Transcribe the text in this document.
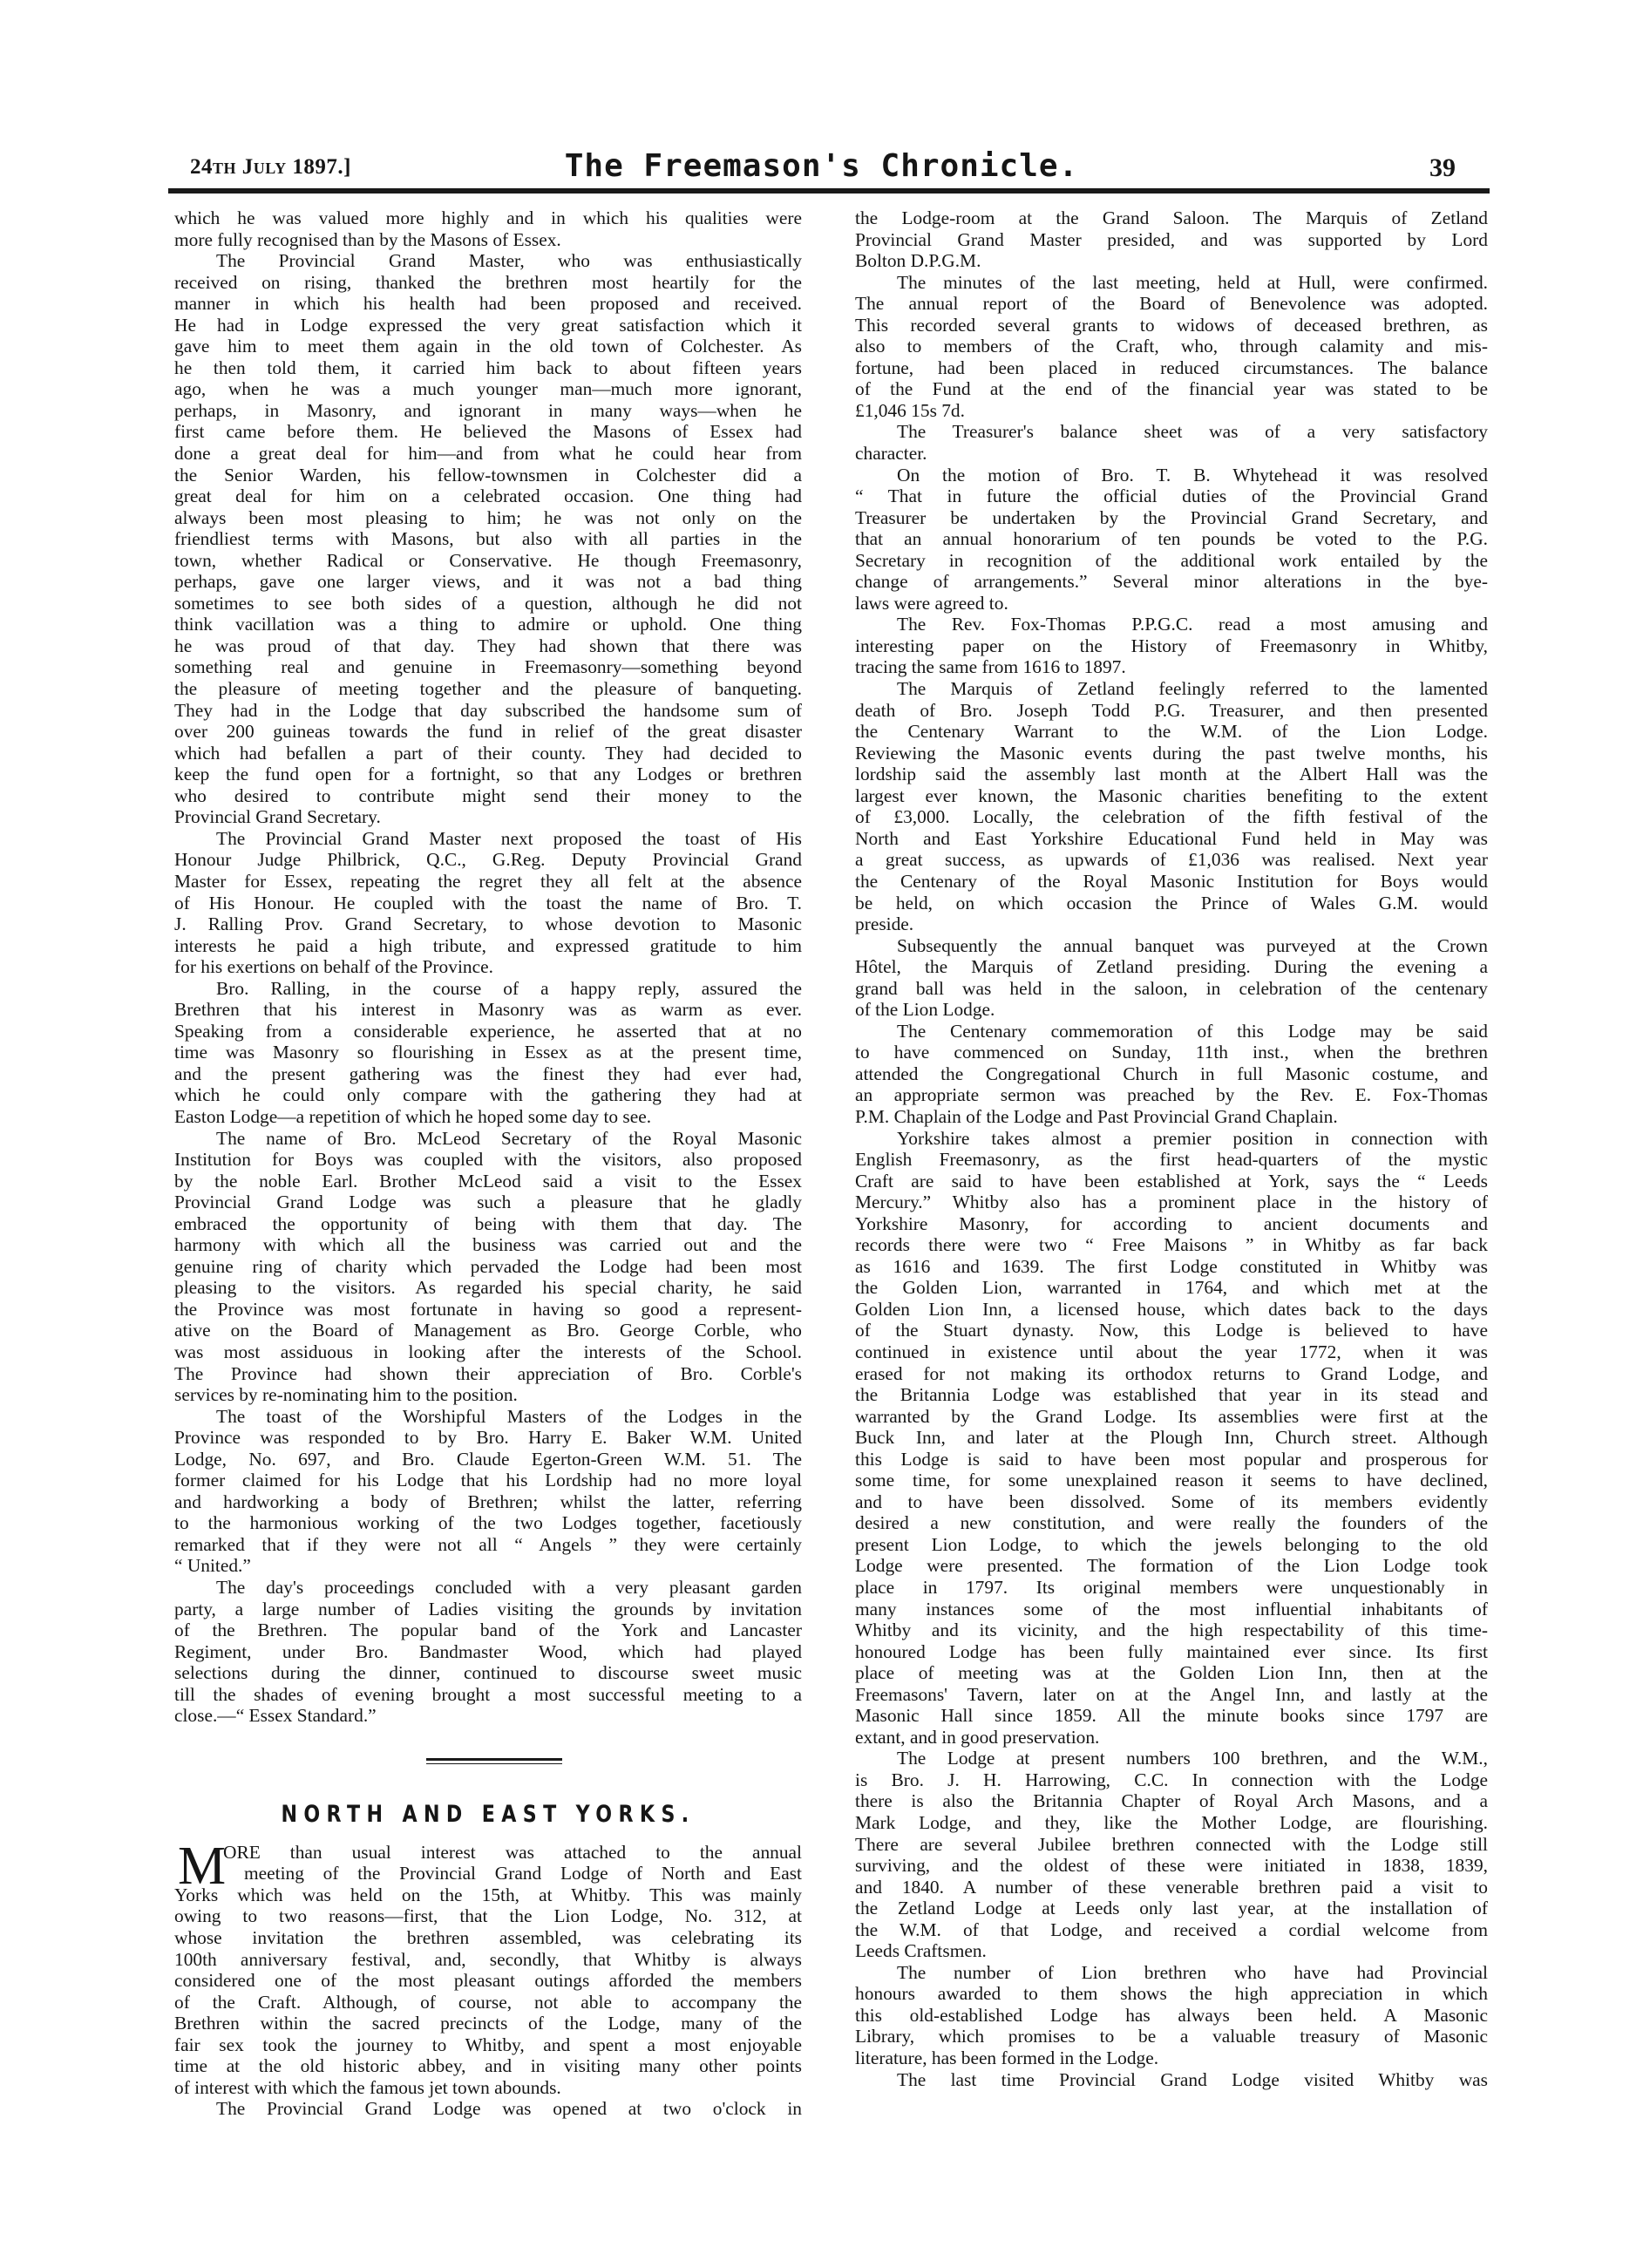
24TH JULY 1897.]	The Freemason's Chronicle.	39
which he was valued more highly and in which his qualities were
more fully recognised than by the Masons of Essex.
The Provincial Grand Master, who was enthusiastically
received on rising, thanked the brethren most heartily for the
manner in which his health had been proposed and received.
He had in Lodge expressed the very great satisfaction which it
gave him to meet them again in the old town of Colchester. As
he then told them, it carried him back to about fifteen years
ago, when he was a much younger man—much more ignorant,
perhaps, in Masonry, and ignorant in many ways—when he
first came before them. He believed the Masons of Essex had
done a great deal for him—and from what he could hear from
the Senior Warden, his fellow-townsmen in Colchester did a
great deal for him on a celebrated occasion. One thing had
always been most pleasing to him; he was not only on the
friendliest terms with Masons, but also with all parties in the
town, whether Radical or Conservative. He though Freemasonry,
perhaps, gave one larger views, and it was not a bad thing
sometimes to see both sides of a question, although he did not
think vacillation was a thing to admire or uphold. One thing
he was proud of that day. They had shown that there was
something real and genuine in Freemasonry—something beyond
the pleasure of meeting together and the pleasure of banqueting.
They had in the Lodge that day subscribed the handsome sum of
over 200 guineas towards the fund in relief of the great disaster
which had befallen a part of their county. They had decided to
keep the fund open for a fortnight, so that any Lodges or brethren
who desired to contribute might send their money to the
Provincial Grand Secretary.
The Provincial Grand Master next proposed the toast of His
Honour Judge Philbrick, Q.C., G.Reg. Deputy Provincial Grand
Master for Essex, repeating the regret they all felt at the absence
of His Honour. He coupled with the toast the name of Bro. T.
J. Ralling Prov. Grand Secretary, to whose devotion to Masonic
interests he paid a high tribute, and expressed gratitude to him
for his exertions on behalf of the Province.
Bro. Ralling, in the course of a happy reply, assured the
Brethren that his interest in Masonry was as warm as ever.
Speaking from a considerable experience, he asserted that at no
time was Masonry so flourishing in Essex as at the present time,
and the present gathering was the finest they had ever had,
which he could only compare with the gathering they had at
Easton Lodge—a repetition of which he hoped some day to see.
The name of Bro. McLeod Secretary of the Royal Masonic
Institution for Boys was coupled with the visitors, also proposed
by the noble Earl. Brother McLeod said a visit to the Essex
Provincial Grand Lodge was such a pleasure that he gladly
embraced the opportunity of being with them that day. The
harmony with which all the business was carried out and the
genuine ring of charity which pervaded the Lodge had been most
pleasing to the visitors. As regarded his special charity, he said
the Province was most fortunate in having so good a represent-
ative on the Board of Management as Bro. George Corble, who
was most assiduous in looking after the interests of the School.
The Province had shown their appreciation of Bro. Corble's
services by re-nominating him to the position.
The toast of the Worshipful Masters of the Lodges in the
Province was responded to by Bro. Harry E. Baker W.M. United
Lodge, No. 697, and Bro. Claude Egerton-Green W.M. 51. The
former claimed for his Lodge that his Lordship had no more loyal
and hardworking a body of Brethren; whilst the latter, referring
to the harmonious working of the two Lodges together, facetiously
remarked that if they were not all “ Angels ” they were certainly
“ United.”
The day's proceedings concluded with a very pleasant garden
party, a large number of Ladies visiting the grounds by invitation
of the Brethren. The popular band of the York and Lancaster
Regiment, under Bro. Bandmaster Wood, which had played
selections during the dinner, continued to discourse sweet music
till the shades of evening brought a most successful meeting to a
close.—“ Essex Standard.”
NORTH AND EAST YORKS.
M
ORE than usual interest was attached to the annual
meeting of the Provincial Grand Lodge of North and East
Yorks which was held on the 15th, at Whitby. This was mainly
owing to two reasons—first, that the Lion Lodge, No. 312, at
whose invitation the brethren assembled, was celebrating its
100th anniversary festival, and, secondly, that Whitby is always
considered one of the most pleasant outings afforded the members
of the Craft. Although, of course, not able to accompany the
Brethren within the sacred precincts of the Lodge, many of the
fair sex took the journey to Whitby, and spent a most enjoyable
time at the old historic abbey, and in visiting many other points
of interest with which the famous jet town abounds.
The Provincial Grand Lodge was opened at two o'clock in
the Lodge-room at the Grand Saloon. The Marquis of Zetland
Provincial Grand Master presided, and was supported by Lord
Bolton D.P.G.M.
The minutes of the last meeting, held at Hull, were confirmed.
The annual report of the Board of Benevolence was adopted.
This recorded several grants to widows of deceased brethren, as
also to members of the Craft, who, through calamity and mis-
fortune, had been placed in reduced circumstances. The balance
of the Fund at the end of the financial year was stated to be
£1,046 15s 7d.
The Treasurer's balance sheet was of a very satisfactory
character.
On the motion of Bro. T. B. Whytehead it was resolved
“ That in future the official duties of the Provincial Grand
Treasurer be undertaken by the Provincial Grand Secretary, and
that an annual honorarium of ten pounds be voted to the P.G.
Secretary in recognition of the additional work entailed by the
change of arrangements.” Several minor alterations in the bye-
laws were agreed to.
The Rev. Fox-Thomas P.P.G.C. read a most amusing and
interesting paper on the History of Freemasonry in Whitby,
tracing the same from 1616 to 1897.
The Marquis of Zetland feelingly referred to the lamented
death of Bro. Joseph Todd P.G. Treasurer, and then presented
the Centenary Warrant to the W.M. of the Lion Lodge.
Reviewing the Masonic events during the past twelve months, his
lordship said the assembly last month at the Albert Hall was the
largest ever known, the Masonic charities benefiting to the extent
of £3,000. Locally, the celebration of the fifth festival of the
North and East Yorkshire Educational Fund held in May was
a great success, as upwards of £1,036 was realised. Next year
the Centenary of the Royal Masonic Institution for Boys would
be held, on which occasion the Prince of Wales G.M. would
preside.
Subsequently the annual banquet was purveyed at the Crown
Hôtel, the Marquis of Zetland presiding. During the evening a
grand ball was held in the saloon, in celebration of the centenary
of the Lion Lodge.
The Centenary commemoration of this Lodge may be said
to have commenced on Sunday, 11th inst., when the brethren
attended the Congregational Church in full Masonic costume, and
an appropriate sermon was preached by the Rev. E. Fox-Thomas
P.M. Chaplain of the Lodge and Past Provincial Grand Chaplain.
Yorkshire takes almost a premier position in connection with
English Freemasonry, as the first head-quarters of the mystic
Craft are said to have been established at York, says the “ Leeds
Mercury.” Whitby also has a prominent place in the history of
Yorkshire Masonry, for according to ancient documents and
records there were two “ Free Maisons ” in Whitby as far back
as 1616 and 1639. The first Lodge constituted in Whitby was
the Golden Lion, warranted in 1764, and which met at the
Golden Lion Inn, a licensed house, which dates back to the days
of the Stuart dynasty. Now, this Lodge is believed to have
continued in existence until about the year 1772, when it was
erased for not making its orthodox returns to Grand Lodge, and
the Britannia Lodge was established that year in its stead and
warranted by the Grand Lodge. Its assemblies were first at the
Buck Inn, and later at the Plough Inn, Church street. Although
this Lodge is said to have been most popular and prosperous for
some time, for some unexplained reason it seems to have declined,
and to have been dissolved. Some of its members evidently
desired a new constitution, and were really the founders of the
present Lion Lodge, to which the jewels belonging to the old
Lodge were presented. The formation of the Lion Lodge took
place in 1797. Its original members were unquestionably in
many instances some of the most influential inhabitants of
Whitby and its vicinity, and the high respectability of this time-
honoured Lodge has been fully maintained ever since. Its first
place of meeting was at the Golden Lion Inn, then at the
Freemasons' Tavern, later on at the Angel Inn, and lastly at the
Masonic Hall since 1859. All the minute books since 1797 are
extant, and in good preservation.
The Lodge at present numbers 100 brethren, and the W.M.,
is Bro. J. H. Harrowing, C.C. In connection with the Lodge
there is also the Britannia Chapter of Royal Arch Masons, and a
Mark Lodge, and they, like the Mother Lodge, are flourishing.
There are several Jubilee brethren connected with the Lodge still
surviving, and the oldest of these were initiated in 1838, 1839,
and 1840. A number of these venerable brethren paid a visit to
the Zetland Lodge at Leeds only last year, at the installation of
the W.M. of that Lodge, and received a cordial welcome from
Leeds Craftsmen.
The number of Lion brethren who have had Provincial
honours awarded to them shows the high appreciation in which
this old-established Lodge has always been held. A Masonic
Library, which promises to be a valuable treasury of Masonic
literature, has been formed in the Lodge.
The last time Provincial Grand Lodge visited Whitby was
